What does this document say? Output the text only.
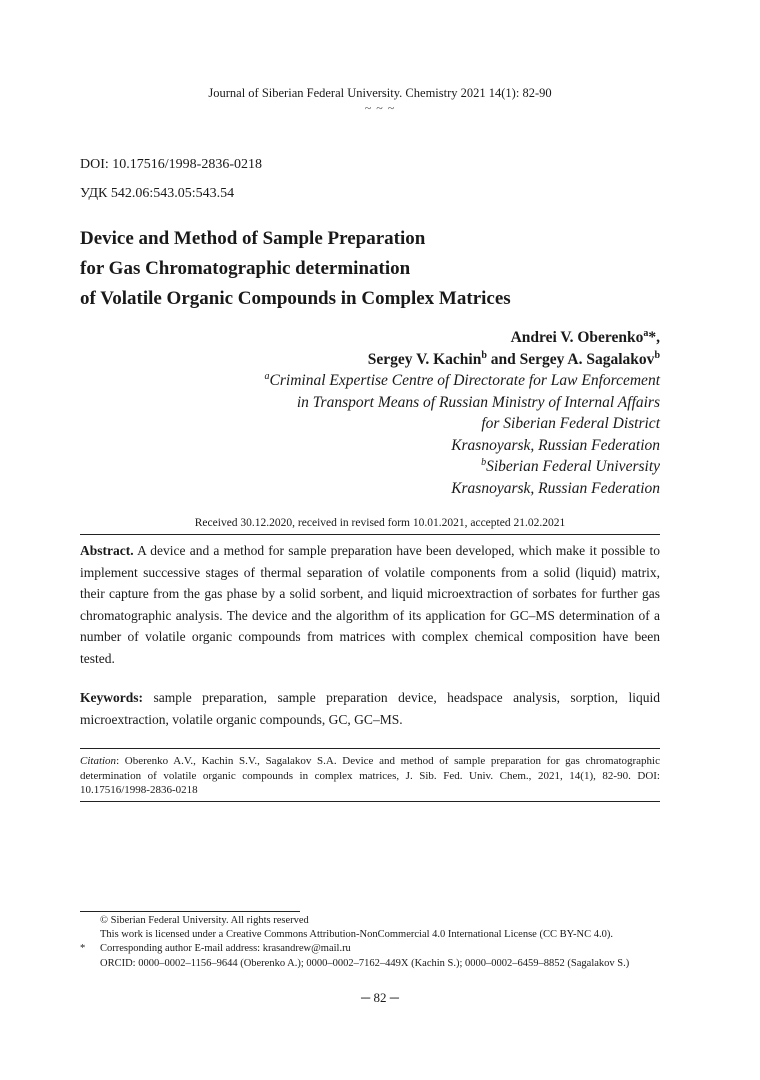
Journal of Siberian Federal University. Chemistry 2021 14(1): 82-90
~ ~ ~
DOI: 10.17516/1998-2836-0218
УДК 542.06:543.05:543.54
Device and Method of Sample Preparation
for Gas Chromatographic determination
of Volatile Organic Compounds in Complex Matrices
Andrei V. Oberenko$^a$*,
Sergey V. Kachin$^b$ and Sergey A. Sagalakov$^b$
$^a$Criminal Expertise Centre of Directorate for Law Enforcement
in Transport Means of Russian Ministry of Internal Affairs
for Siberian Federal District
Krasnoyarsk, Russian Federation
$^b$Siberian Federal University
Krasnoyarsk, Russian Federation
Received 30.12.2020, received in revised form 10.01.2021, accepted 21.02.2021
Abstract. A device and a method for sample preparation have been developed, which make it possible to implement successive stages of thermal separation of volatile components from a solid (liquid) matrix, their capture from the gas phase by a solid sorbent, and liquid microextraction of sorbates for further gas chromatographic analysis. The device and the algorithm of its application for GC–MS determination of a number of volatile organic compounds from matrices with complex chemical composition have been tested.
Keywords: sample preparation, sample preparation device, headspace analysis, sorption, liquid microextraction, volatile organic compounds, GC, GC–MS.
Citation: Oberenko A.V., Kachin S.V., Sagalakov S.A. Device and method of sample preparation for gas chromatographic determination of volatile organic compounds in complex matrices, J. Sib. Fed. Univ. Chem., 2021, 14(1), 82-90. DOI: 10.17516/1998-2836-0218
© Siberian Federal University. All rights reserved
This work is licensed under a Creative Commons Attribution-NonCommercial 4.0 International License (CC BY-NC 4.0).
*	Corresponding author E-mail address: krasandrew@mail.ru
ORCID: 0000–0002–1156–9644 (Oberenko A.); 0000–0002–7162–449X (Kachin S.); 0000–0002–6459–8852 (Sagalakov S.)
─ 82 ─
